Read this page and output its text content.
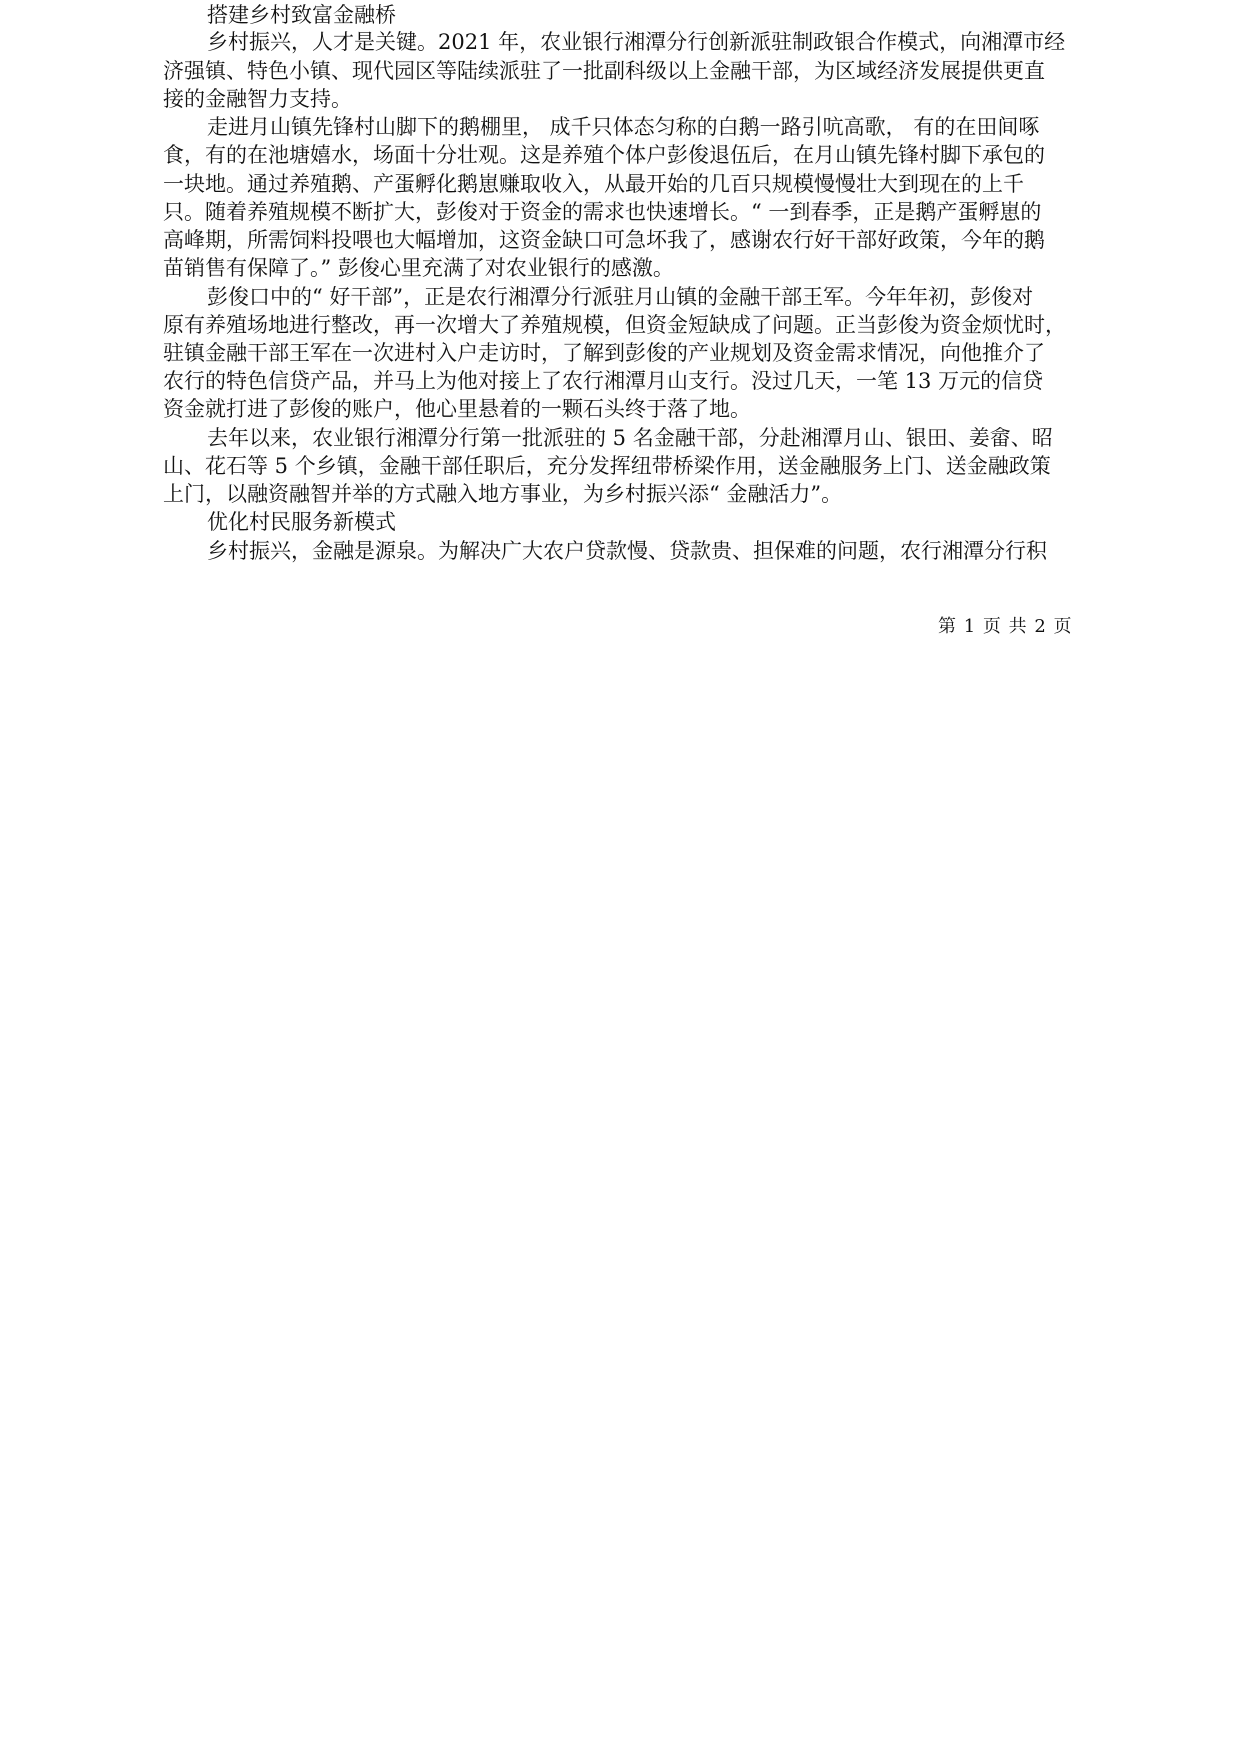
搭建乡村致富金融桥
乡村振兴，人才是关键。2021 年，农业银行湘潭分行创新派驻制政银合作模式，向湘潭市经
济强镇、特色小镇、现代园区等陆续派驻了一批副科级以上金融干部，为区域经济发展提供更直
接的金融智力支持。
走进月山镇先锋村山脚下的鹅棚里， 成千只体态匀称的白鹅一路引吭高歌， 有的在田间啄
食，有的在池塘嬉水，场面十分壮观。这是养殖个体户彭俊退伍后，在月山镇先锋村脚下承包的
一块地。通过养殖鹅、产蛋孵化鹅崽赚取收入，从最开始的几百只规模慢慢壮大到现在的上千
只。随着养殖规模不断扩大，彭俊对于资金的需求也快速增长。“ 一到春季，正是鹅产蛋孵崽的
高峰期，所需饲料投喂也大幅增加，这资金缺口可急坏我了，感谢农行好干部好政策，今年的鹅
苗销售有保障了。” 彭俊心里充满了对农业银行的感激。
彭俊口中的“ 好干部”，正是农行湘潭分行派驻月山镇的金融干部王军。今年年初，彭俊对
原有养殖场地进行整改，再一次增大了养殖规模，但资金短缺成了问题。正当彭俊为资金烦忧时，
驻镇金融干部王军在一次进村入户走访时，了解到彭俊的产业规划及资金需求情况，向他推介了
农行的特色信贷产品，并马上为他对接上了农行湘潭月山支行。没过几天，一笔 13 万元的信贷
资金就打进了彭俊的账户，他心里悬着的一颗石头终于落了地。
去年以来，农业银行湘潭分行第一批派驻的 5 名金融干部，分赴湘潭月山、银田、姜畲、昭
山、花石等 5 个乡镇，金融干部任职后，充分发挥纽带桥梁作用，送金融服务上门、送金融政策
上门，以融资融智并举的方式融入地方事业，为乡村振兴添“ 金融活力”。
优化村民服务新模式
乡村振兴，金融是源泉。为解决广大农户贷款慢、贷款贵、担保难的问题，农行湘潭分行积
第 1 页 共 2 页
